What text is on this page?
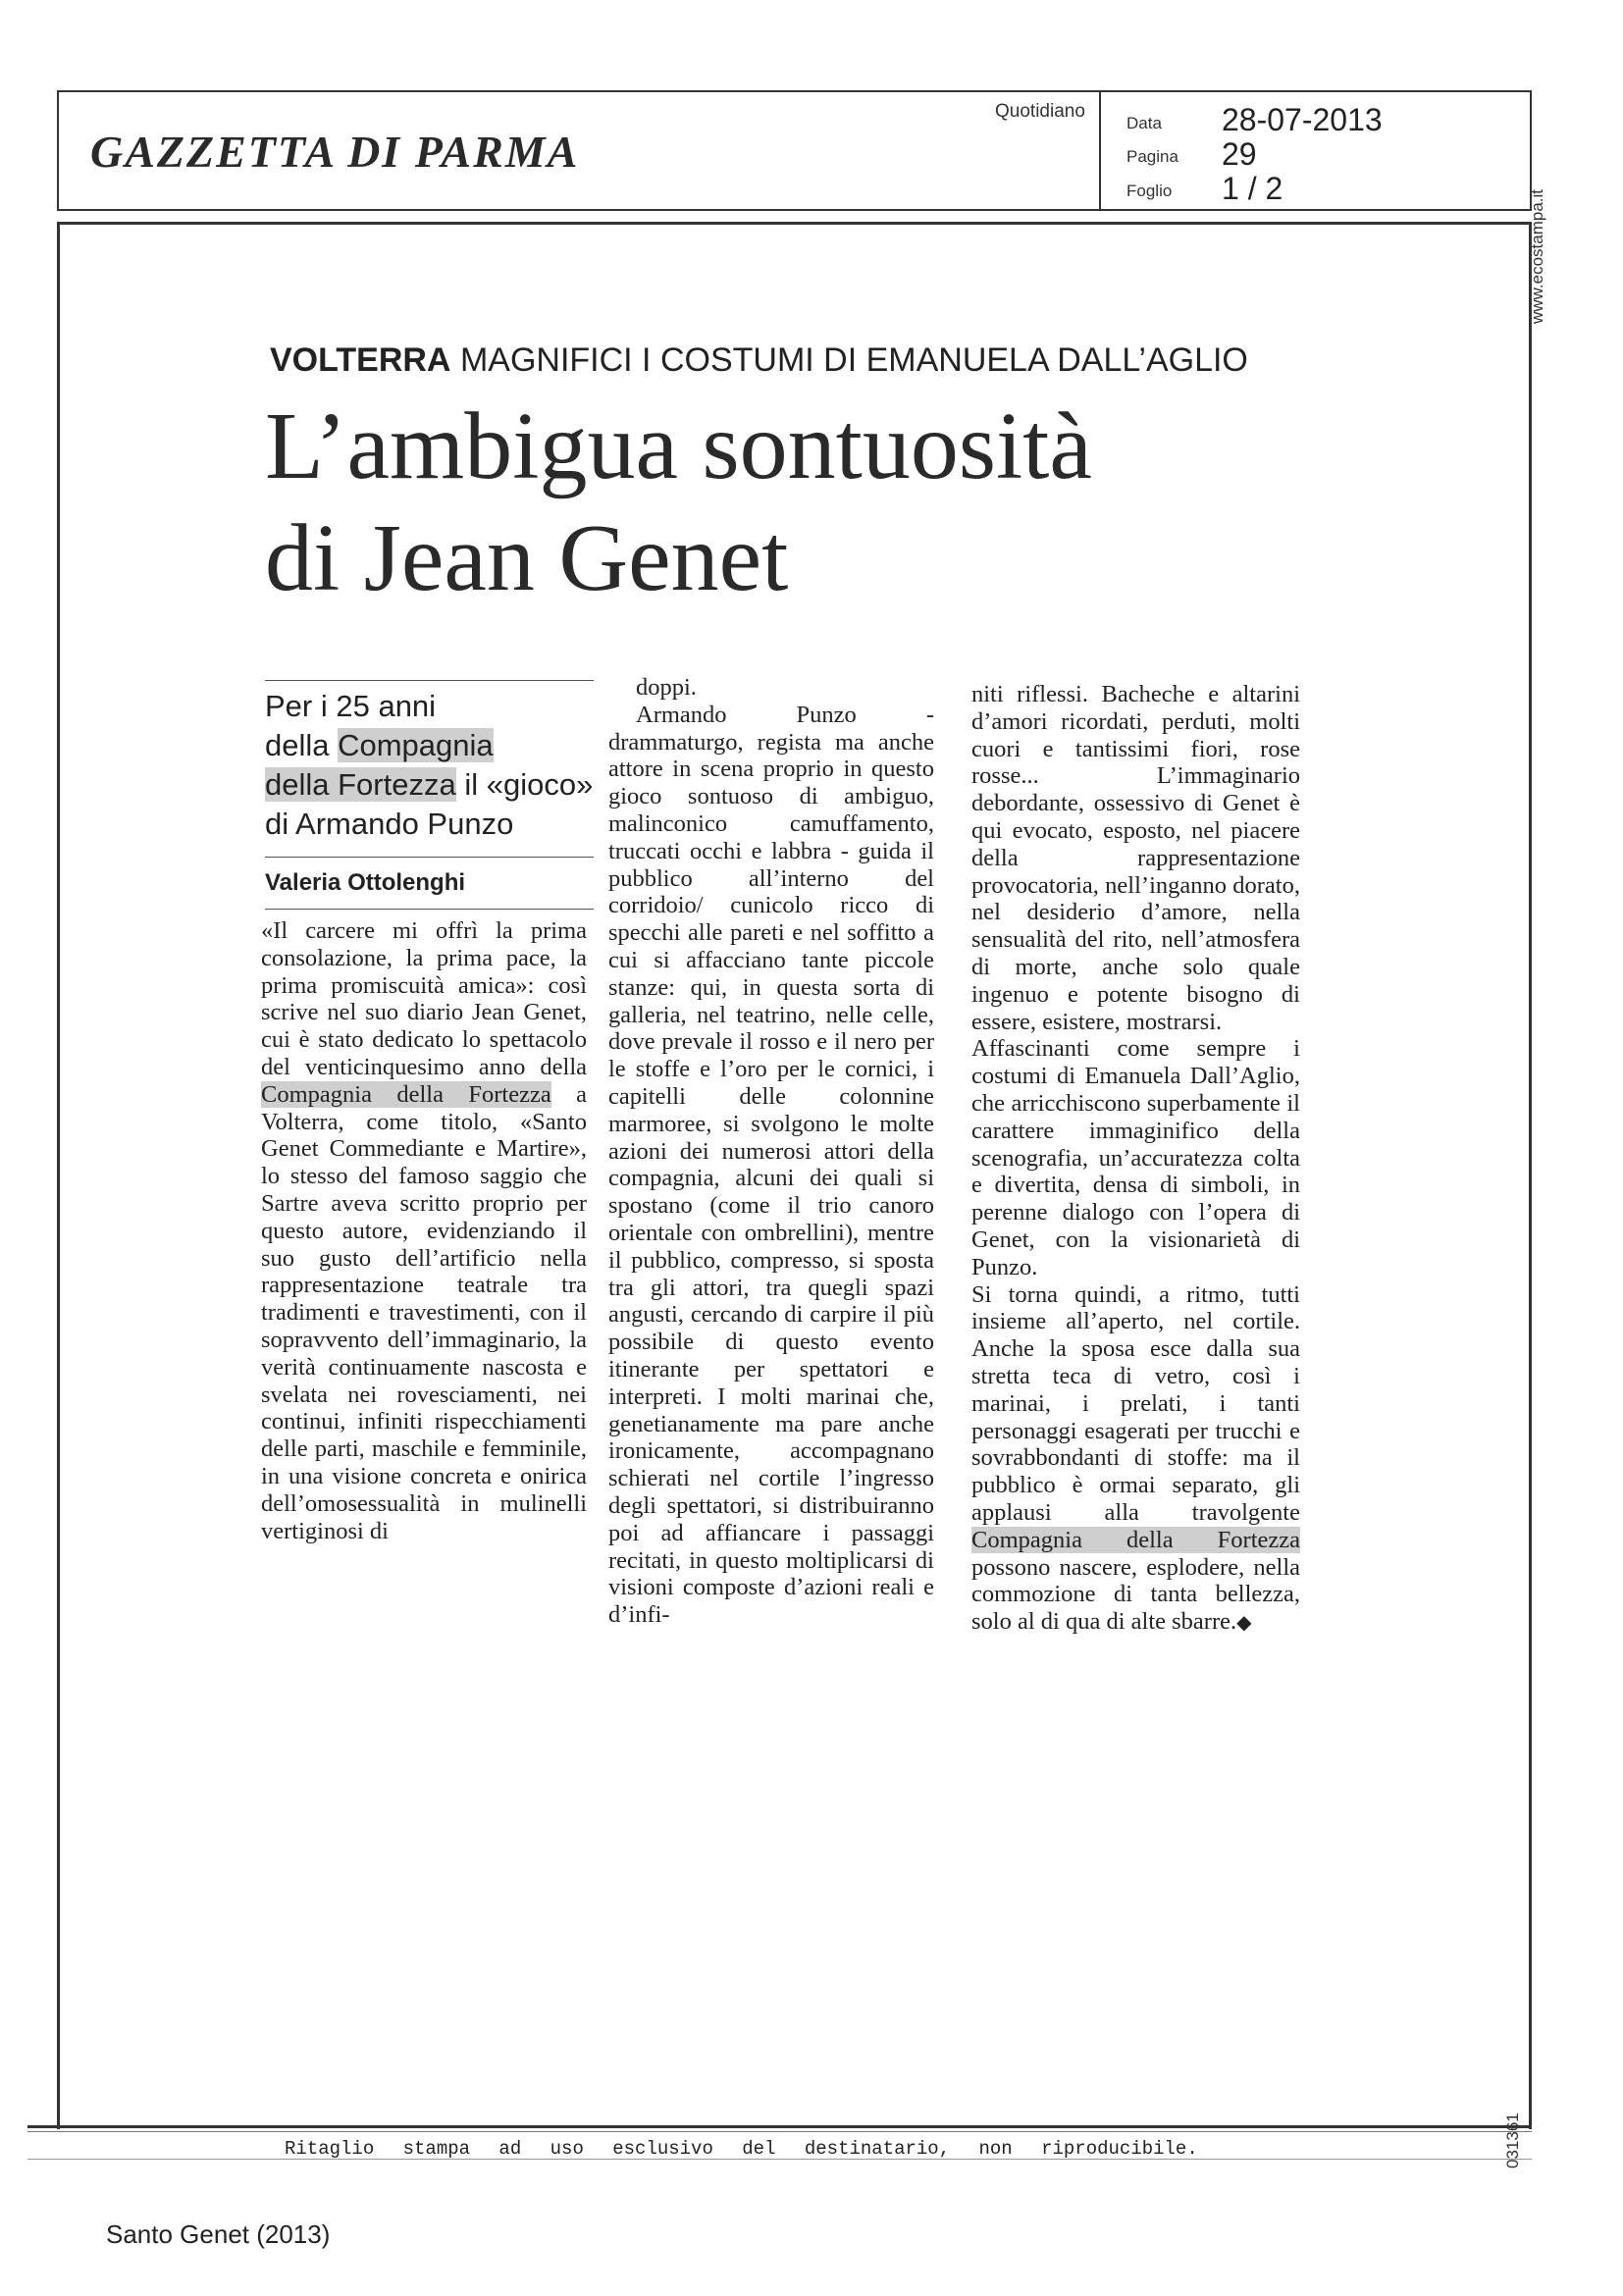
GAZZETTA DI PARMA
Quotidiano
Data 28-07-2013
Pagina 29
Foglio 1 / 2
www.ecostampa.it
031361
VOLTERRA MAGNIFICI I COSTUMI DI EMANUELA DALL’AGLIO
L’ambigua sontuosità
di Jean Genet
Per i 25 anni
della Compagnia
della Fortezza il «gioco»
di Armando Punzo
Valeria Ottolenghi

«Il carcere mi offrì la prima consolazione, la prima pace, la prima promiscuità amica»: così scrive nel suo diario Jean Genet, cui è stato dedicato lo spettacolo del venticinquesimo anno della Compagnia della Fortezza a Volterra, come titolo, «Santo Genet Commediante e Martire», lo stesso del famoso saggio che Sartre aveva scritto proprio per questo autore, evidenziando il suo gusto dell’artificio nella rappresentazione teatrale tra tradimenti e travestimenti, con il sopravvento dell’immaginario, la verità continuamente nascosta e svelata nei rovesciamenti, nei continui, infiniti rispecchiamenti delle parti, maschile e femminile, in una visione concreta e onirica dell’omosessualità in mulinelli vertiginosi di

doppi.

Armando Punzo - drammaturgo, regista ma anche attore in scena proprio in questo gioco sontuoso di ambiguo, malinconico camuffamento, truccati occhi e labbra - guida il pubblico all’interno del corridoio/ cunicolo ricco di specchi alle pareti e nel soffitto a cui si affacciano tante piccole stanze: qui, in questa sorta di galleria, nel teatrino, nelle celle, dove prevale il rosso e il nero per le stoffe e l’oro per le cornici, i capitelli delle colonnine marmoree, si svolgono le molte azioni dei numerosi attori della compagnia, alcuni dei quali si spostano (come il trio canoro orientale con ombrellini), mentre il pubblico, compresso, si sposta tra gli attori, tra quegli spazi angusti, cercando di carpire il più possibile di questo evento itinerante per spettatori e interpreti. I molti marinai che, genetianamente ma pare anche ironicamente, accompagnano schierati nel cortile l’ingresso degli spettatori, si distribuiranno poi ad affiancare i passaggi recitati, in questo moltiplicarsi di visioni composte d’azioni reali e d’infi-

niti riflessi. Bacheche e altarini d’amori ricordati, perduti, molti cuori e tantissimi fiori, rose rosse... L’immaginario debordante, ossessivo di Genet è qui evocato, esposto, nel piacere della rappresentazione provocatoria, nell’inganno dorato, nel desiderio d’amore, nella sensualità del rito, nell’atmosfera di morte, anche solo quale ingenuo e potente bisogno di essere, esistere, mostrarsi.

Affascinanti come sempre i costumi di Emanuela Dall’Aglio, che arricchiscono superbamente il carattere immaginifico della scenografia, un’accuratezza colta e divertita, densa di simboli, in perenne dialogo con l’opera di Genet, con la visionarietà di Punzo.

Si torna quindi, a ritmo, tutti insieme all’aperto, nel cortile. Anche la sposa esce dalla sua stretta teca di vetro, così i marinai, i prelati, i tanti personaggi esagerati per trucchi e sovrabbondanti di stoffe: ma il pubblico è ormai separato, gli applausi alla travolgente Compagnia della Fortezza possono nascere, esplodere, nella commozione di tanta bellezza, solo al di qua di alte sbarre.◆

Ritaglio stampa ad uso esclusivo del destinatario, non riproducibile.
Santo Genet (2013)
